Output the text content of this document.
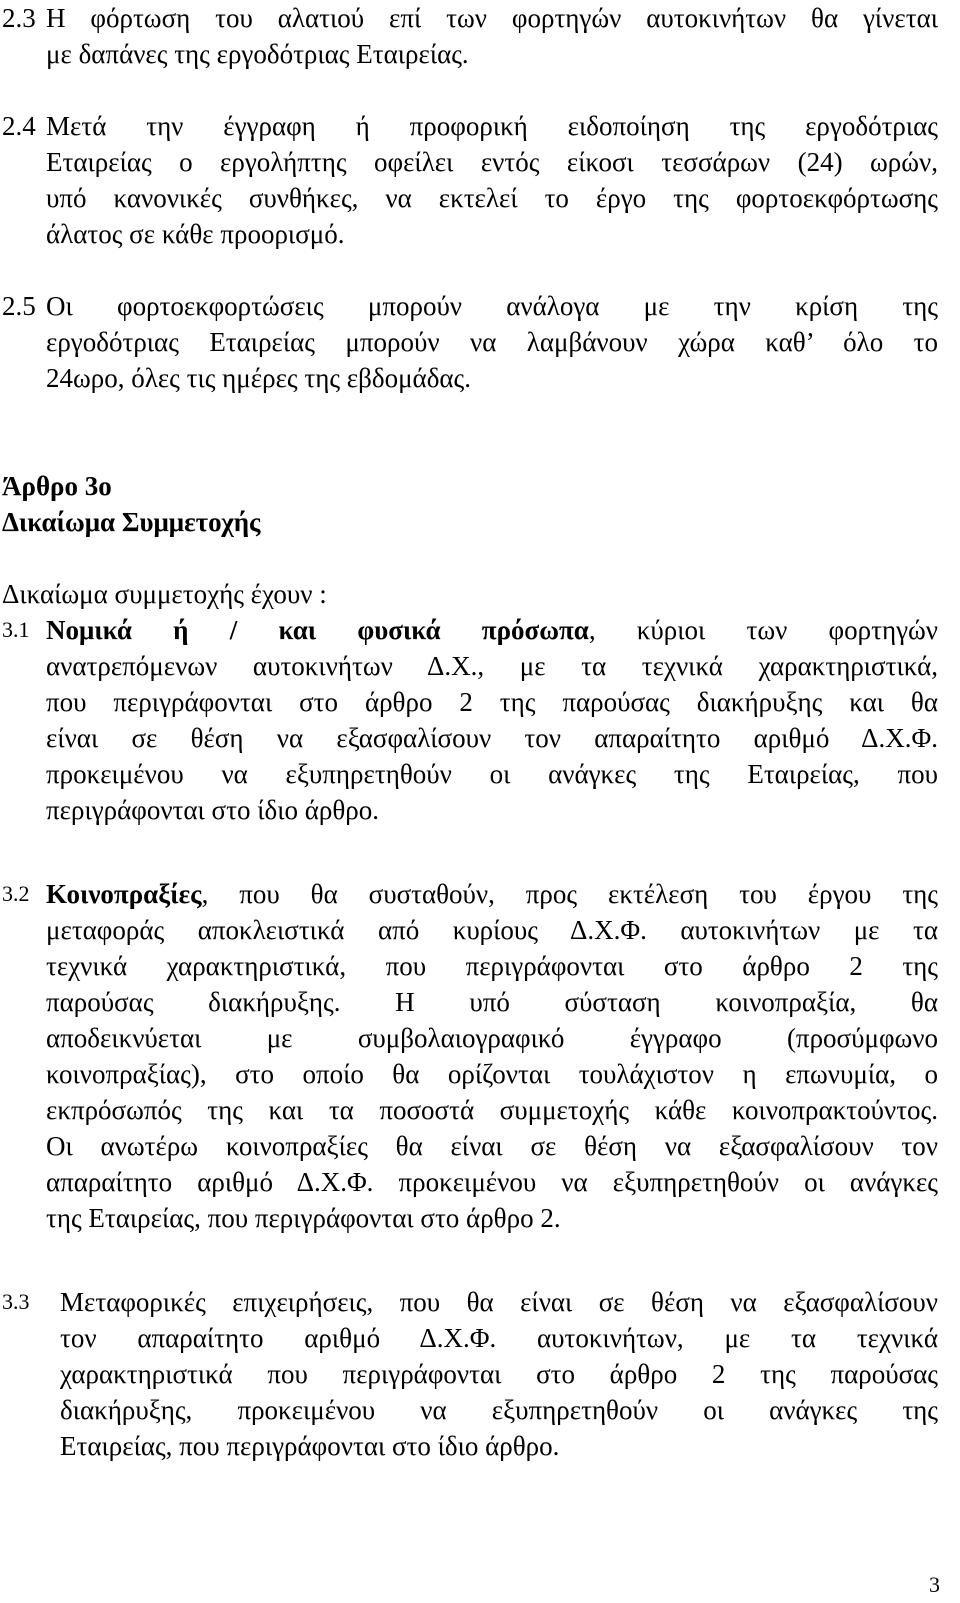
2.3 Η φόρτωση του αλατιού επί των φορτηγών αυτοκινήτων θα γίνεται
με δαπάνες της εργοδότριας Εταιρείας.
2.4 Μετά την έγγραφη ή προφορική ειδοποίηση της εργοδότριας
Εταιρείας ο εργολήπτης οφείλει εντός είκοσι τεσσάρων (24) ωρών,
υπό κανονικές συνθήκες, να εκτελεί το έργο της φορτοεκφόρτωσης
άλατος σε κάθε προορισμό.
2.5 Οι φορτοεκφορτώσεις μπορούν ανάλογα με την κρίση της
εργοδότριας Εταιρείας μπορούν να λαμβάνουν χώρα καθ’ όλο το
24ωρο, όλες τις ημέρες της εβδομάδας.
Άρθρο 3ο
Δικαίωμα Συμμετοχής
Δικαίωμα συμμετοχής έχουν :
3.1 Νομικά ή / και φυσικά πρόσωπα, κύριοι των φορτηγών
ανατρεπόμενων αυτοκινήτων Δ.Χ., με τα τεχνικά χαρακτηριστικά,
που περιγράφονται στο άρθρο 2 της παρούσας διακήρυξης και θα
είναι σε θέση να εξασφαλίσουν τον απαραίτητο αριθμό Δ.Χ.Φ.
προκειμένου να εξυπηρετηθούν οι ανάγκες της Εταιρείας, που
περιγράφονται στο ίδιο άρθρο.
3.2 Κοινοπραξίες, που θα συσταθούν, προς εκτέλεση του έργου της
μεταφοράς αποκλειστικά από κυρίους Δ.Χ.Φ. αυτοκινήτων με τα
τεχνικά χαρακτηριστικά, που περιγράφονται στο άρθρο 2 της
παρούσας διακήρυξης. Η υπό σύσταση κοινοπραξία, θα
αποδεικνύεται με συμβολαιογραφικό έγγραφο (προσύμφωνο
κοινοπραξίας), στο οποίο θα ορίζονται τουλάχιστον η επωνυμία, ο
εκπρόσωπός της και τα ποσοστά συμμετοχής κάθε κοινοπρακτούντος.
Οι ανωτέρω κοινοπραξίες θα είναι σε θέση να εξασφαλίσουν τον
απαραίτητο αριθμό Δ.Χ.Φ. προκειμένου να εξυπηρετηθούν οι ανάγκες
της Εταιρείας, που περιγράφονται στο άρθρο 2.
3.3 Μεταφορικές επιχειρήσεις, που θα είναι σε θέση να εξασφαλίσουν
τον απαραίτητο αριθμό Δ.Χ.Φ. αυτοκινήτων, με τα τεχνικά
χαρακτηριστικά που περιγράφονται στο άρθρο 2 της παρούσας
διακήρυξης, προκειμένου να εξυπηρετηθούν οι ανάγκες της
Εταιρείας, που περιγράφονται στο ίδιο άρθρο.
3
